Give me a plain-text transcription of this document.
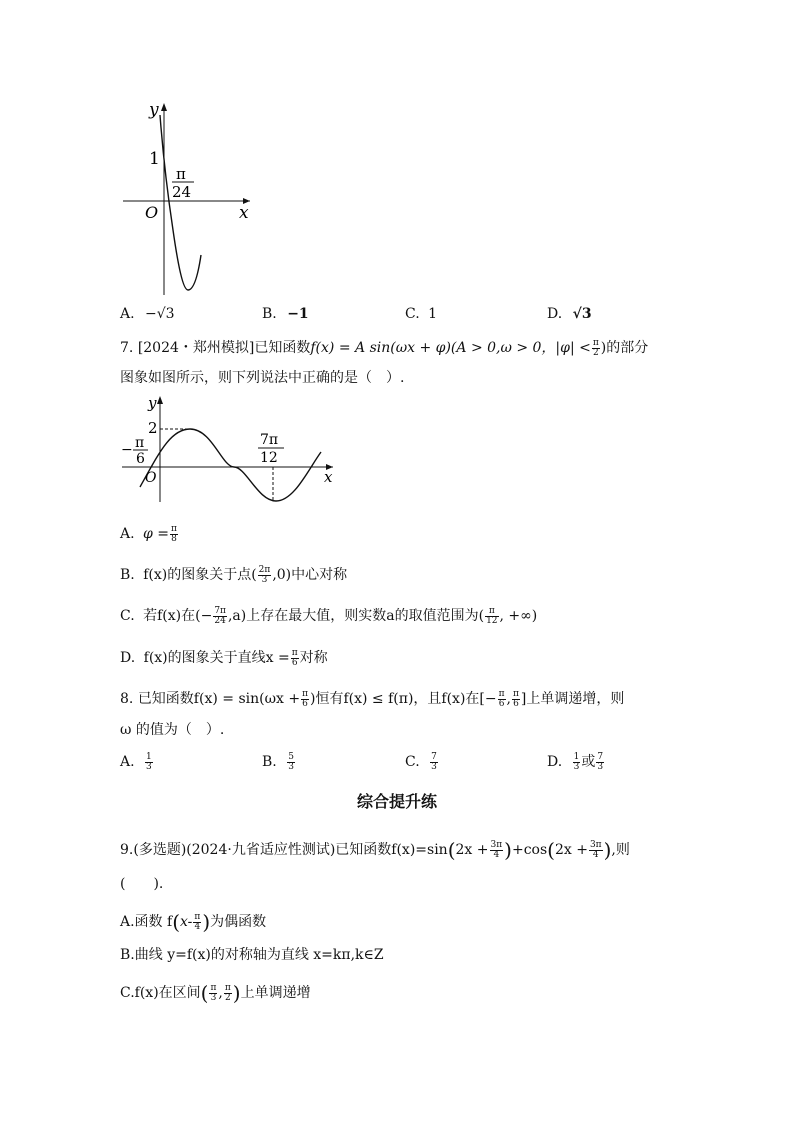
y
x
O
1
π
24
A. −√3	B. −1	C. 1	D. √3
7. [2024・郑州模拟]已知函数f(x) = A sin(ωx + φ)(A > 0,ω > 0，$|\varphi| < \frac{\pi}{2}$ )的部分
图象如图所示，则下列说法中正确的是（　）.
y
x
O
2
− π
6
7π
12
A. $\varphi = \frac{\pi}{8}$
B. f(x)的图象关于点( $\frac{2\pi}{3} ,0$)中心对称
C. 若f(x)在(− $\frac{7\pi}{24} ,a$)上存在最大值，则实数a的取值范围为( $\frac{\pi}{12}$ , +∞)
D. f(x)的图象关于直线$x = \frac{\pi}{6}$ 对称
8. 已知函数$f(x) = \sin(\omega x + \frac{\pi}{6}$ )恒有f(x) ≤ f(π)，且f(x)在[− $\frac{\pi}{6}$ , $\frac{\pi}{6}$ ]上单调递增，则
ω 的值为（　）.
A. $\frac{1}{3}$	B. $\frac{5}{3}$	C. $\frac{7}{3}$	D. $\frac{1}{3}$ 或 $\frac{7}{3}$
综合提升练
9.(多选题)(2024·九省适应性测试)已知函数$f(x)=\sin(2x + \frac{3\pi}{4} )+\cos(2x + \frac{3\pi}{4}$ ),则
(　　).
A.函数 $f(x- \frac{\pi}{4}$ )为偶函数
B.曲线 y=f(x)的对称轴为直线 x=kπ,k∈Z
C.f(x)在区间( $\frac{\pi}{3}$ , $\frac{\pi}{2}$ )上单调递增
